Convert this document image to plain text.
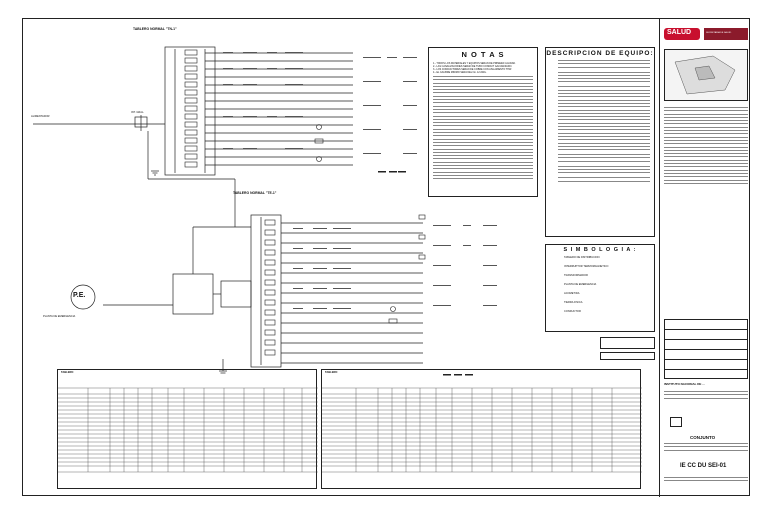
TABLERO NORMAL "TN-1"
TABLERO NORMAL "TE-1"
ALIMENTADOR
INT. GRAL.
P.E.
PLANTA DE EMERGENCIA
N O T A S
1.- TODOS LOS MATERIALES Y EQUIPOS SERAN DE PRIMERA CALIDAD.
2.- LAS CANALIZACIONES SERAN DE TUBO CONDUIT GALVANIZADO.
3.- LOS CONDUCTORES SERAN DE COBRE CON AISLAMIENTO THW.
4.- EL CALIBRE MINIMO SERA DEL No. 12 AWG.
DESCRIPCION DE EQUIPO:
S I M B O L O G I A :
TABLERO DE DISTRIBUCION
INTERRUPTOR TERMOMAGNETICO
TRANSFORMADOR
PLANTA DE EMERGENCIA
ACOMETIDA
TIERRA FISICA
CONDUCTOR
TABLERO	TABLERO
SALUD	SECRETARIA DE SALUD
INSTITUTO NACIONAL DE ...
CONJUNTO
IE CC DU SEI-01
